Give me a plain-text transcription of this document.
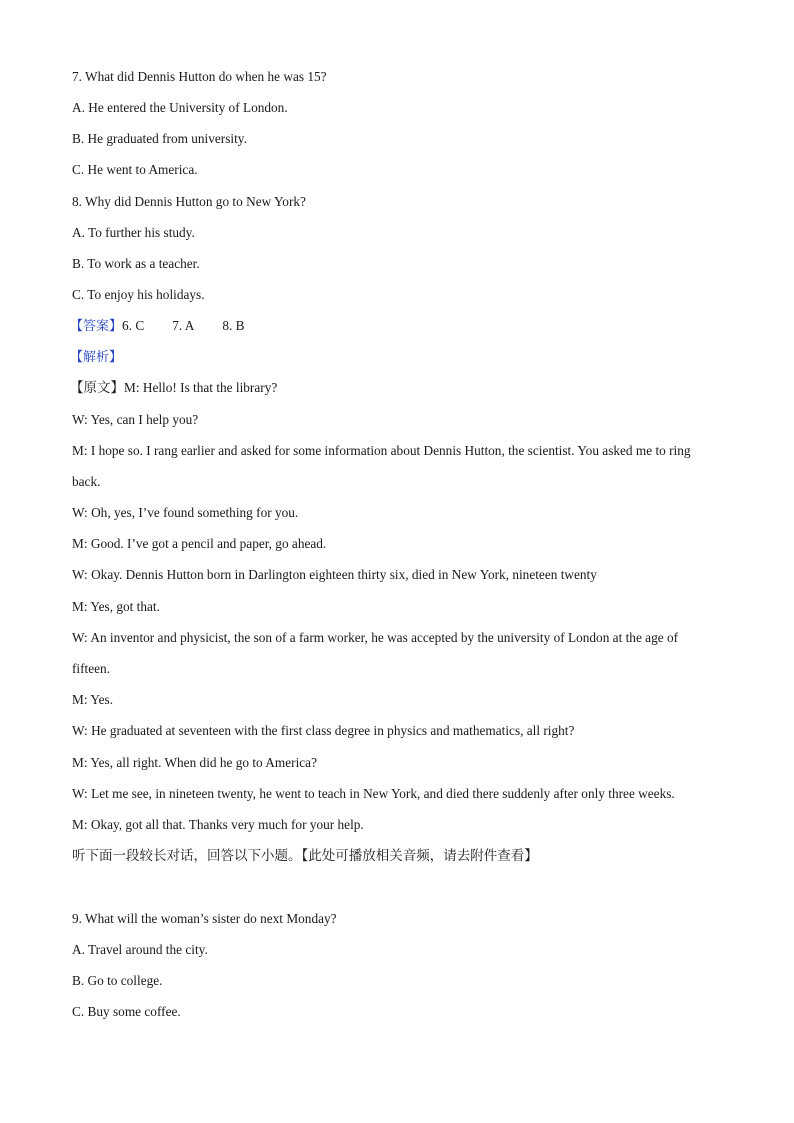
7. What did Dennis Hutton do when he was 15?
A. He entered the University of London.
B. He graduated from university.
C. He went to America.
8. Why did Dennis Hutton go to New York?
A. To further his study.
B. To work as a teacher.
C. To enjoy his holidays.
【答案】6. C 7. A 8. B
【解析】
【原文】M: Hello! Is that the library?
W: Yes, can I help you?
M: I hope so. I rang earlier and asked for some information about Dennis Hutton, the scientist. You asked me to ring
back.
W: Oh, yes, I’ve found something for you.
M: Good. I’ve got a pencil and paper, go ahead.
W: Okay. Dennis Hutton born in Darlington eighteen thirty six, died in New York, nineteen twenty
M: Yes, got that.
W: An inventor and physicist, the son of a farm worker, he was accepted by the university of London at the age of
fifteen.
M: Yes.
W: He graduated at seventeen with the first class degree in physics and mathematics, all right?
M: Yes, all right. When did he go to America?
W: Let me see, in nineteen twenty, he went to teach in New York, and died there suddenly after only three weeks.
M: Okay, got all that. Thanks very much for your help.
听下面一段较长对话，回答以下小题。【此处可播放相关音频，请去附件查看】
9. What will the woman’s sister do next Monday?
A. Travel around the city.
B. Go to college.
C. Buy some coffee.
